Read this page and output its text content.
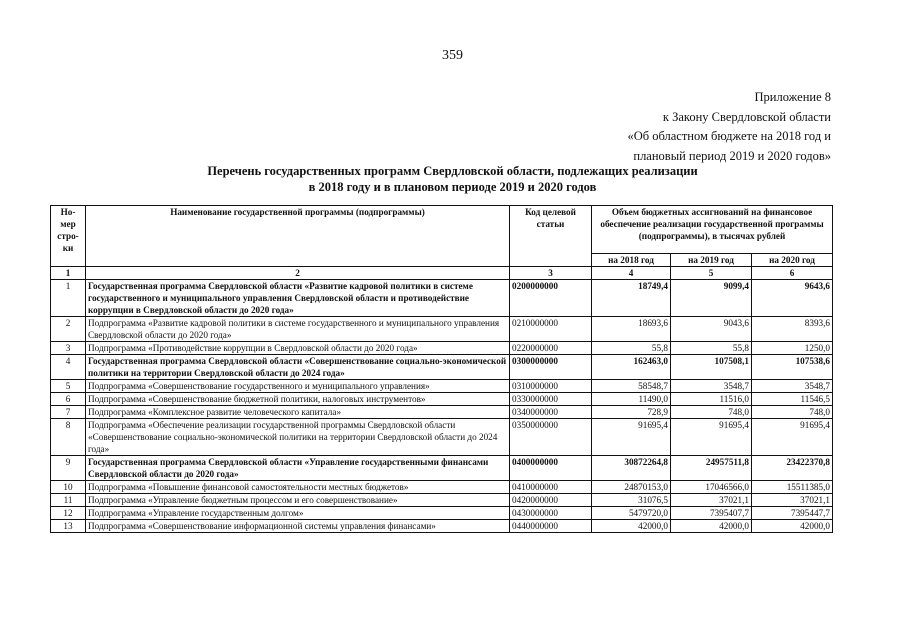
359
Приложение 8
к Закону Свердловской области
«Об областном бюджете на 2018 год и
плановый период 2019 и 2020 годов»
Перечень государственных программ Свердловской области, подлежащих реализации
в 2018 году и в плановом периоде 2019 и 2020 годов
Но-мер стро-ки	Наименование государственной программы (подпрограммы)	Код целевой статьи	Объем бюджетных ассигнований на финансовое обеспечение реализации государственной программы (подпрограммы), в тысячах рублей		
			на 2018 год	на 2019 год	на 2020 год
1	2	3	4	5	6
1	Государственная программа Свердловской области «Развитие кадровой политики в системе государственного и муниципального управления Свердловской области и противодействие коррупции в Свердловской области до 2020 года»	0200000000	18749,4	9099,4	9643,6
2	Подпрограмма «Развитие кадровой политики в системе государственного и муниципального управления Свердловской области до 2020 года»	0210000000	18693,6	9043,6	8393,6
3	Подпрограмма «Противодействие коррупции в Свердловской области до 2020 года»	0220000000	55,8	55,8	1250,0
4	Государственная программа Свердловской области «Совершенствование социально-экономической политики на территории Свердловской области до 2024 года»	0300000000	162463,0	107508,1	107538,6
5	Подпрограмма «Совершенствование государственного и муниципального управления»	0310000000	58548,7	3548,7	3548,7
6	Подпрограмма «Совершенствование бюджетной политики, налоговых инструментов»	0330000000	11490,0	11516,0	11546,5
7	Подпрограмма «Комплексное развитие человеческого капитала»	0340000000	728,9	748,0	748,0
8	Подпрограмма «Обеспечение реализации государственной программы Свердловской области «Совершенствование социально-экономической политики на территории Свердловской области до 2024 года»	0350000000	91695,4	91695,4	91695,4
9	Государственная программа Свердловской области «Управление государственными финансами Свердловской области до 2020 года»	0400000000	30872264,8	24957511,8	23422370,8
10	Подпрограмма «Повышение финансовой самостоятельности местных бюджетов»	0410000000	24870153,0	17046566,0	15511385,0
11	Подпрограмма «Управление бюджетным процессом и его совершенствование»	0420000000	31076,5	37021,1	37021,1
12	Подпрограмма «Управление государственным долгом»	0430000000	5479720,0	7395407,7	7395447,7
13	Подпрограмма «Совершенствование информационной системы управления финансами»	0440000000	42000,0	42000,0	42000,0
